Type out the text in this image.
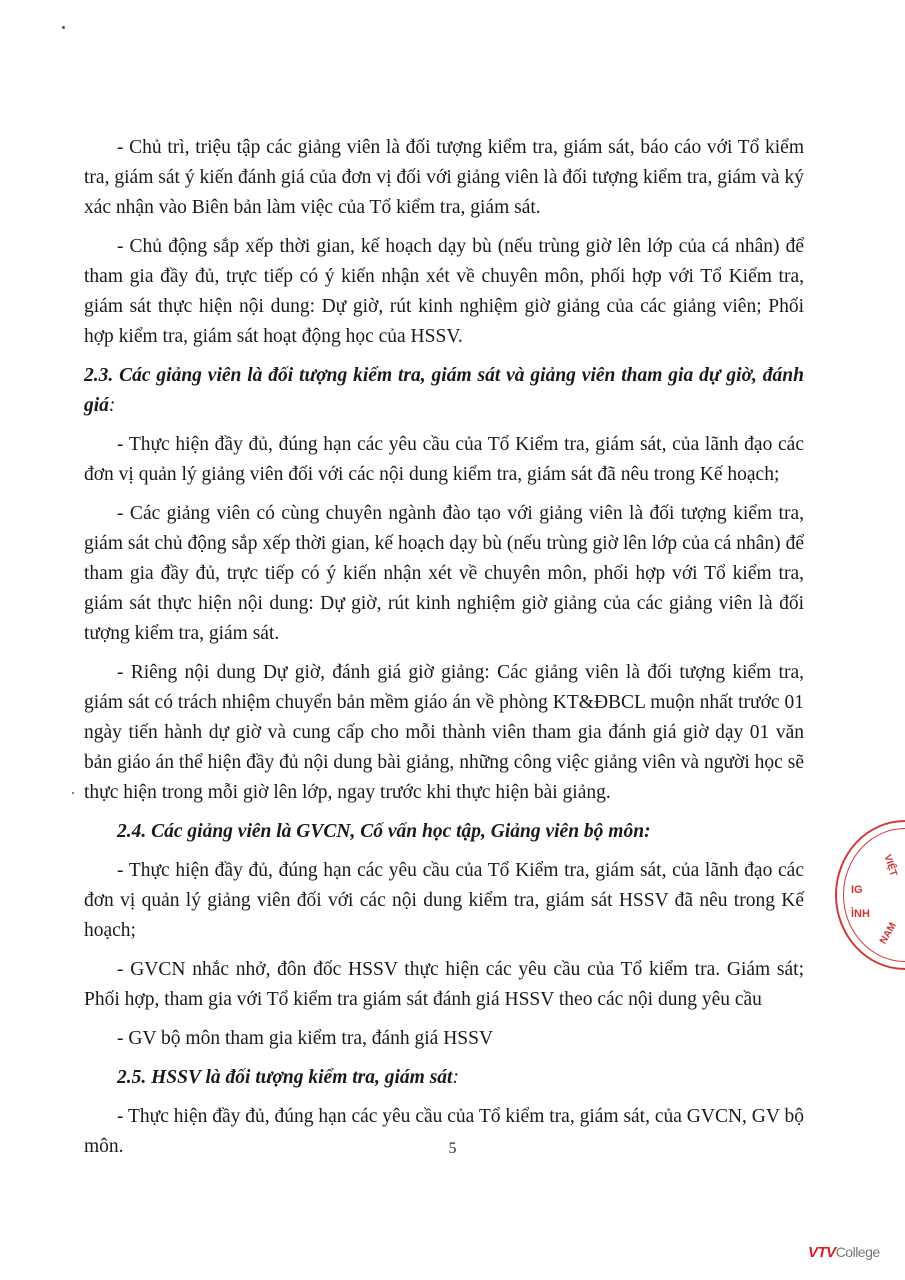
- Chủ trì, triệu tập các giảng viên là đối tượng kiểm tra, giám sát, báo cáo với Tổ kiểm tra, giám sát ý kiến đánh giá của đơn vị đối với giảng viên là đối tượng kiểm tra, giám và ký xác nhận vào Biên bản làm việc của Tổ kiểm tra, giám sát.

- Chủ động sắp xếp thời gian, kế hoạch dạy bù (nếu trùng giờ lên lớp của cá nhân) để tham gia đầy đủ, trực tiếp có ý kiến nhận xét về chuyên môn, phối hợp với Tổ Kiểm tra, giám sát thực hiện nội dung: Dự giờ, rút kinh nghiệm giờ giảng của các giảng viên; Phối hợp kiểm tra, giám sát hoạt động học của HSSV.

2.3. Các giảng viên là đối tượng kiểm tra, giám sát và giảng viên tham gia dự giờ, đánh giá:

- Thực hiện đầy đủ, đúng hạn các yêu cầu của Tổ Kiểm tra, giám sát, của lãnh đạo các đơn vị quản lý giảng viên đối với các nội dung kiểm tra, giám sát đã nêu trong Kế hoạch;

- Các giảng viên có cùng chuyên ngành đào tạo với giảng viên là đối tượng kiểm tra, giám sát chủ động sắp xếp thời gian, kế hoạch dạy bù (nếu trùng giờ lên lớp của cá nhân) để tham gia đầy đủ, trực tiếp có ý kiến nhận xét về chuyên môn, phối hợp với Tổ kiểm tra, giám sát thực hiện nội dung: Dự giờ, rút kinh nghiệm giờ giảng của các giảng viên là đối tượng kiểm tra, giám sát.

- Riêng nội dung Dự giờ, đánh giá giờ giảng: Các giảng viên là đối tượng kiểm tra, giám sát có trách nhiệm chuyển bản mềm giáo án về phòng KT&ĐBCL muộn nhất trước 01 ngày tiến hành dự giờ và cung cấp cho mỗi thành viên tham gia đánh giá giờ dạy 01 văn bản giáo án thể hiện đầy đủ nội dung bài giảng, những công việc giảng viên và người học sẽ thực hiện trong mỗi giờ lên lớp, ngay trước khi thực hiện bài giảng.

2.4. Các giảng viên là GVCN, Cố vấn học tập, Giảng viên bộ môn:

- Thực hiện đầy đủ, đúng hạn các yêu cầu của Tổ Kiểm tra, giám sát, của lãnh đạo các đơn vị quản lý giảng viên đối với các nội dung kiểm tra, giám sát HSSV đã nêu trong Kế hoạch;

- GVCN nhắc nhở, đôn đốc HSSV thực hiện các yêu cầu của Tổ kiểm tra. Giám sát; Phối hợp, tham gia với Tổ kiểm tra giám sát đánh giá HSSV theo các nội dung yêu cầu

- GV bộ môn tham gia kiểm tra, đánh giá HSSV

2.5. HSSV là đối tượng kiểm tra, giám sát:

- Thực hiện đầy đủ, đúng hạn các yêu cầu của Tổ kiểm tra, giám sát, của GVCN, GV bộ môn.	5
IG
ÌNH
VIỆT
NAM
VTVCollege
